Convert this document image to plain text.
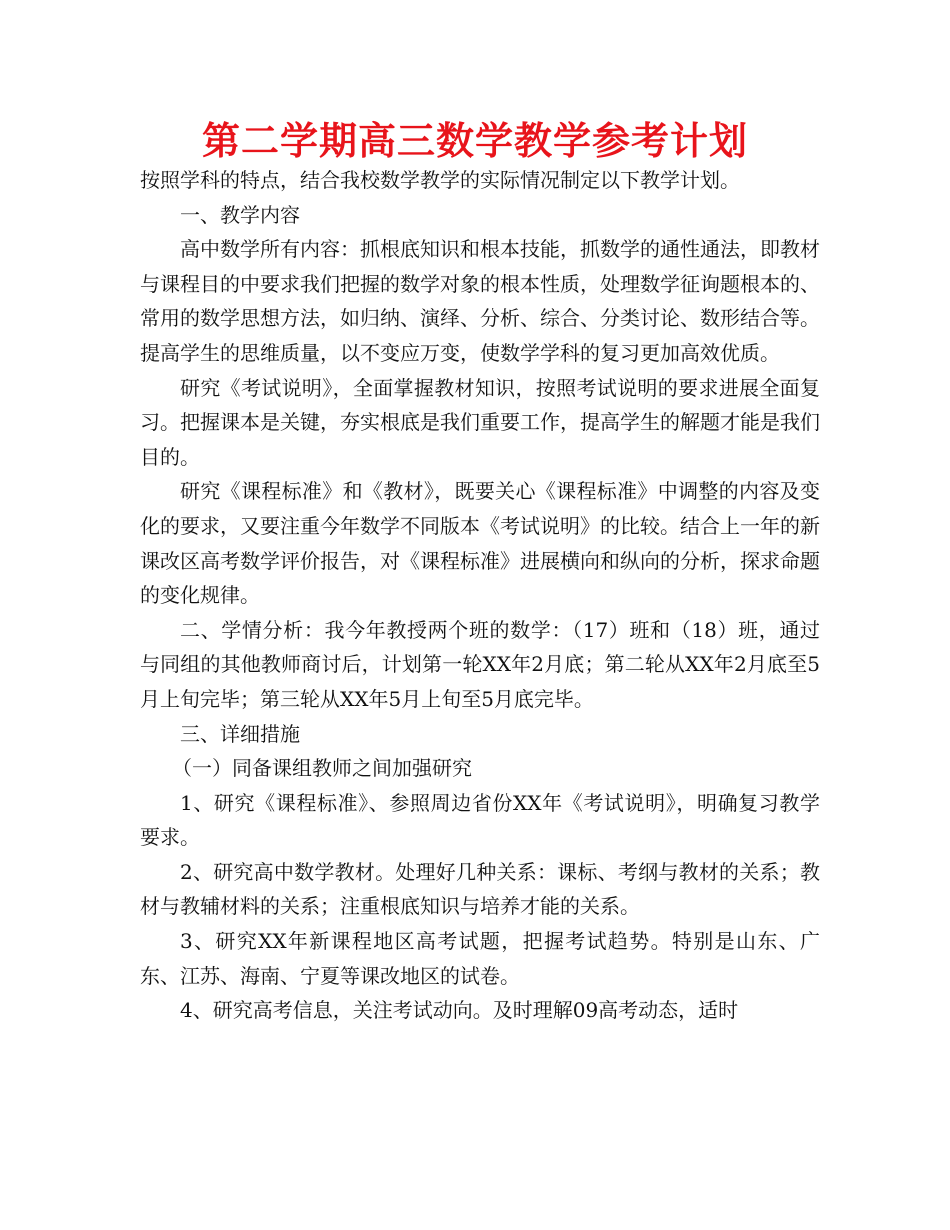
第二学期高三数学教学参考计划

按照学科的特点，结合我校数学教学的实际情况制定以下教学计划。

一、教学内容

高中数学所有内容：抓根底知识和根本技能，抓数学的通性通法，即教材与课程目的中要求我们把握的数学对象的根本性质，处理数学征询题根本的、常用的数学思想方法，如归纳、演绎、分析、综合、分类讨论、数形结合等。提高学生的思维质量，以不变应万变，使数学学科的复习更加高效优质。

研究《考试说明》，全面掌握教材知识，按照考试说明的要求进展全面复习。把握课本是关键，夯实根底是我们重要工作，提高学生的解题才能是我们目的。

研究《课程标准》和《教材》，既要关心《课程标准》中调整的内容及变化的要求，又要注重今年数学不同版本《考试说明》的比较。结合上一年的新课改区高考数学评价报告，对《课程标准》进展横向和纵向的分析，探求命题的变化规律。

二、学情分析：我今年教授两个班的数学：（17）班和（18）班，通过与同组的其他教师商讨后，计划第一轮XX年2月底；第二轮从XX年2月底至5月上旬完毕；第三轮从XX年5月上旬至5月底完毕。

三、详细措施

（一）同备课组教师之间加强研究

1、研究《课程标准》、参照周边省份XX年《考试说明》，明确复习教学要求。

2、研究高中数学教材。处理好几种关系：课标、考纲与教材的关系；教材与教辅材料的关系；注重根底知识与培养才能的关系。

3、研究XX年新课程地区高考试题，把握考试趋势。特别是山东、广东、江苏、海南、宁夏等课改地区的试卷。

4、研究高考信息，关注考试动向。及时理解09高考动态，适时
